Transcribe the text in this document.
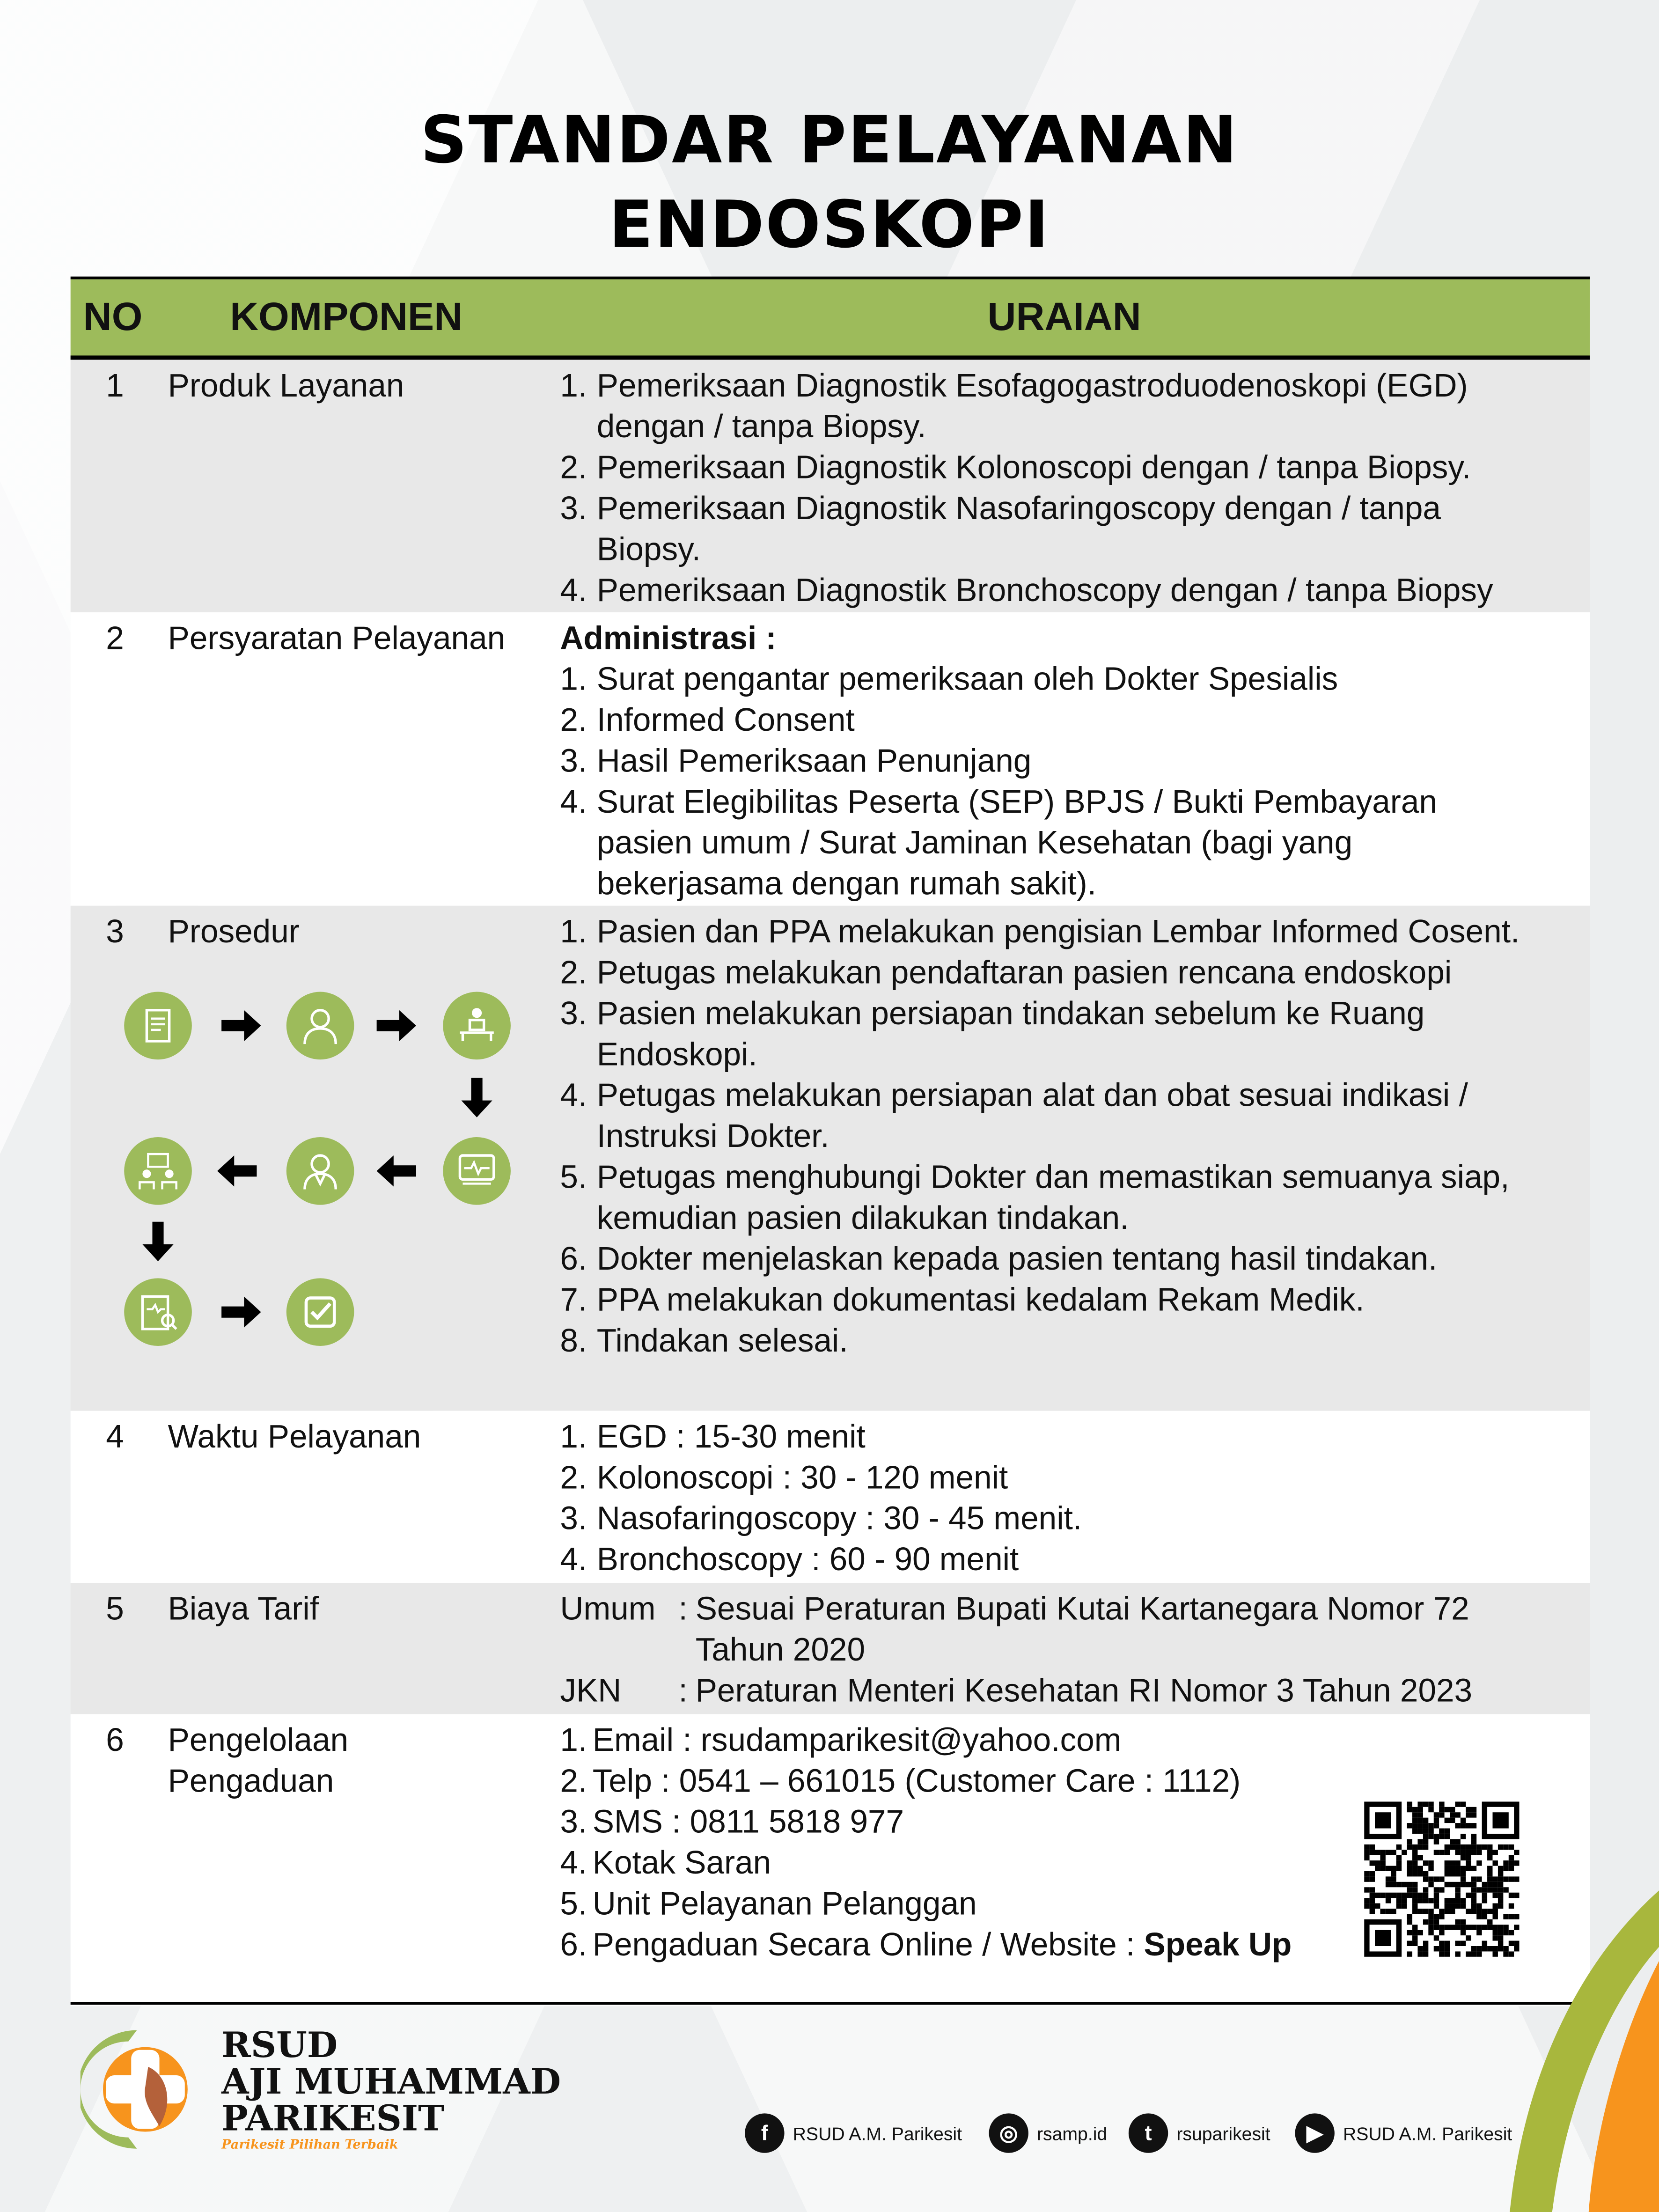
STANDAR PELAYANAN
ENDOSKOPI
NO	KOMPONEN	URAIAN
1	Produk Layanan	1. Pemeriksaan Diagnostik Esofagogastroduodenoskopi (EGD)
dengan / tanpa Biopsy.
2. Pemeriksaan Diagnostik Kolonoscopi dengan / tanpa Biopsy.
3. Pemeriksaan Diagnostik Nasofaringoscopy dengan / tanpa
Biopsy.
4. Pemeriksaan Diagnostik Bronchoscopy dengan / tanpa Biopsy
2	Persyaratan Pelayanan	Administrasi :
1. Surat pengantar pemeriksaan oleh Dokter Spesialis
2. Informed Consent
3. Hasil Pemeriksaan Penunjang
4. Surat Elegibilitas Peserta (SEP) BPJS / Bukti Pembayaran
pasien umum / Surat Jaminan Kesehatan (bagi yang
bekerjasama dengan rumah sakit).
3	Prosedur	1. Pasien dan PPA melakukan pengisian Lembar Informed Cosent.
2. Petugas melakukan pendaftaran pasien rencana endoskopi
3. Pasien melakukan persiapan tindakan sebelum ke Ruang
Endoskopi.
4. Petugas melakukan persiapan alat dan obat sesuai indikasi /
Instruksi Dokter.
5. Petugas menghubungi Dokter dan memastikan semuanya siap,
kemudian pasien dilakukan tindakan.
6. Dokter menjelaskan kepada pasien tentang hasil tindakan.
7. PPA melakukan dokumentasi kedalam Rekam Medik.
8. Tindakan selesai.
4	Waktu Pelayanan	1. EGD : 15-30 menit
2. Kolonoscopi : 30 - 120 menit
3. Nasofaringoscopy : 30 - 45 menit.
4. Bronchoscopy : 60 - 90 menit
5	Biaya Tarif	Umum	: Sesuai Peraturan Bupati Kutai Kartanegara Nomor 72
Tahun 2020
JKN	: Peraturan Menteri Kesehatan RI Nomor 3 Tahun 2023
6	Pengelolaan
Pengaduan
1. Email : rsudamparikesit@yahoo.com
2. Telp : 0541 – 661015 (Customer Care : 1112)
3. SMS : 0811 5818 977
4. Kotak Saran
5. Unit Pelayanan Pelanggan
6. Pengaduan Secara Online / Website : Speak Up
RSUD
AJI MUHAMMAD
PARIKESIT
Parikesit Pilihan Terbaik
f	RSUD A.M. Parikesit	◎	rsamp.id	t	rsuparikesit	▶	RSUD A.M. Parikesit
